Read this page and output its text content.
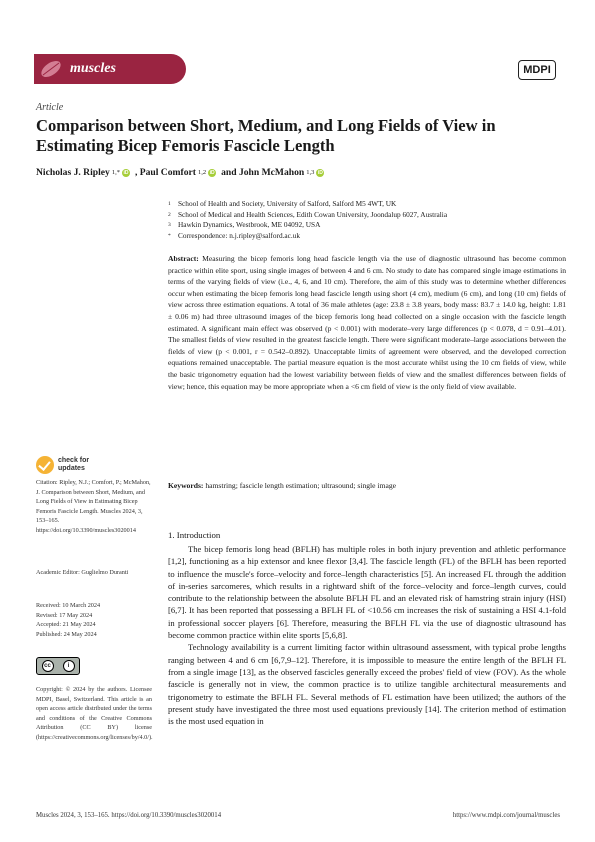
muscles	MDPI
Article
Comparison between Short, Medium, and Long Fields of View in Estimating Bicep Femoris Fascicle Length
Nicholas J. Ripley 1,* iD , Paul Comfort 1,2 iD and John McMahon 1,3 iD
1 School of Health and Society, University of Salford, Salford M5 4WT, UK
2 School of Medical and Health Sciences, Edith Cowan University, Joondalup 6027, Australia
3 Hawkin Dynamics, Westbrook, ME 04092, USA
* Correspondence: n.j.ripley@salford.ac.uk
Abstract: Measuring the bicep femoris long head fascicle length via the use of diagnostic ultrasound has become common practice within elite sport, using single images of between 4 and 6 cm. No study to date has compared single image estimations in terms of the varying fields of view (i.e., 4, 6, and 10 cm). Therefore, the aim of this study was to determine whether differences occur when estimating the bicep femoris long head fascicle length using short (4 cm), medium (6 cm), and long (10 cm) fields of view across three estimation equations. A total of 36 male athletes (age: 23.8 ± 3.8 years, body mass: 83.7 ± 14.0 kg, height: 1.81 ± 0.06 m) had three ultrasound images of the bicep femoris long head collected on a single occasion with the fascicle length estimated. A significant main effect was observed (p < 0.001) with moderate–very large differences (p < 0.078, d = 0.91–4.01). The smallest fields of view resulted in the greatest fascicle length. There were significant moderate–large associations between the fields of view (p < 0.001, r = 0.542–0.892). Unacceptable limits of agreement were observed, and the developed correction equations remained unacceptable. The partial measure equation is the most accurate whilst using the 10 cm fields of view, while the basic trigonometry equation had the lowest variability between fields of view and the smallest differences between fields of view; hence, this equation may be more appropriate when a <6 cm field of view is the only field of view available.
Keywords: hamstring; fascicle length estimation; ultrasound; single image
check for
updates
Citation: Ripley, N.J.; Comfort, P.; McMahon, J. Comparison between Short, Medium, and Long Fields of View in Estimating Bicep Femoris Fascicle Length. Muscles 2024, 3, 153–165. https://doi.org/10.3390/muscles3020014
Academic Editor: Guglielmo Duranti
Received: 10 March 2024
Revised: 17 May 2024
Accepted: 21 May 2024
Published: 24 May 2024
cc	i
Copyright: © 2024 by the authors. Licensee MDPI, Basel, Switzerland. This article is an open access article distributed under the terms and conditions of the Creative Commons Attribution (CC BY) license (https://creativecommons.org/licenses/by/4.0/).
1. Introduction

The bicep femoris long head (BFLH) has multiple roles in both injury prevention and athletic performance [1,2], functioning as a hip extensor and knee flexor [3,4]. The fascicle length (FL) of the BFLH has been reported to influence the muscle's force–velocity and force–length characteristics [5]. An increased FL through the addition of in-series sarcomeres, which results in a rightward shift of the force–velocity and force–length curves, could contribute to the relationship between the absolute BFLH FL and an elevated risk of hamstring strain injury (HSI) [6,7]. It has been reported that possessing a BFLH FL of <10.56 cm increases the risk of sustaining a HSI 4.1-fold in professional soccer players [6]. Therefore, measuring the BFLH FL via the use of diagnostic ultrasound has become common practice within elite sports [5,6,8].

Technology availability is a current limiting factor within ultrasound assessment, with typical probe lengths ranging between 4 and 6 cm [6,7,9–12]. Therefore, it is impossible to measure the entire length of the BFLH FL from a single image [13], as the observed fascicles generally exceed the probes' field of view (FOV). As the whole fascicle is generally not in view, the common practice is to utilize tangible architectural measurements and trigonometry to estimate the BFLH FL. Several methods of FL estimation have been utilized; the authors of the present study have investigated the three most used equations previously [14]. The criterion method of estimation is the most used equation in

Muscles 2024, 3, 153–165. https://doi.org/10.3390/muscles3020014	https://www.mdpi.com/journal/muscles
